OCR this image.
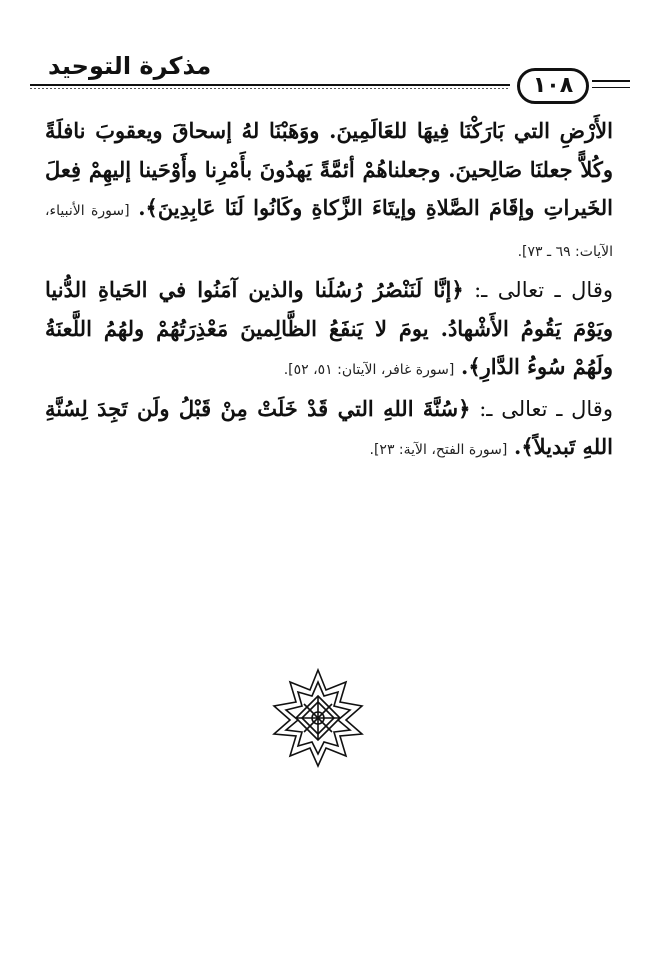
مذكرة التوحيد
١٠٨

الأَرْضِ التي بَارَكْنَا فِيهَا للعَالَمِينَ. ووَهَبْنَا لهُ إسحاقَ ويعقوبَ نافلَةً وكُلاًّ جعلنَا صَالِحينَ. وجعلناهُمْ أئمَّةً يَهدُونَ بأَمْرِنا وأَوْحَينا إليهِمْ فِعلَ الخَيراتِ وإقَامَ الصَّلاةِ وإيتَاءَ الزَّكاةِ وكَانُوا لَنَا عَابِدِينَ﴾. [سورة الأنبياء، الآيات: ٦٩ ـ ٧٣].

وقال ـ تعالى ـ: ﴿إنَّا لَنَنْصُرُ رُسُلَنا والذين آمَنُوا في الحَياةِ الدُّنيا ويَوْمَ يَقُومُ الأَشْهادُ. يومَ لا يَنفَعُ الظَّالِمينَ مَعْذِرَتُهُمْ ولهُمُ اللَّعنَةُ ولَهُمْ سُوءُ الدَّارِ﴾. [سورة غافر، الآيتان: ٥١، ٥٢].

وقال ـ تعالى ـ: ﴿سُنَّةَ اللهِ التي قَدْ خَلَتْ مِنْ قَبْلُ ولَن تَجِدَ لِسُنَّةِ اللهِ تَبديلاً﴾. [سورة الفتح، الآية: ٢٣].
